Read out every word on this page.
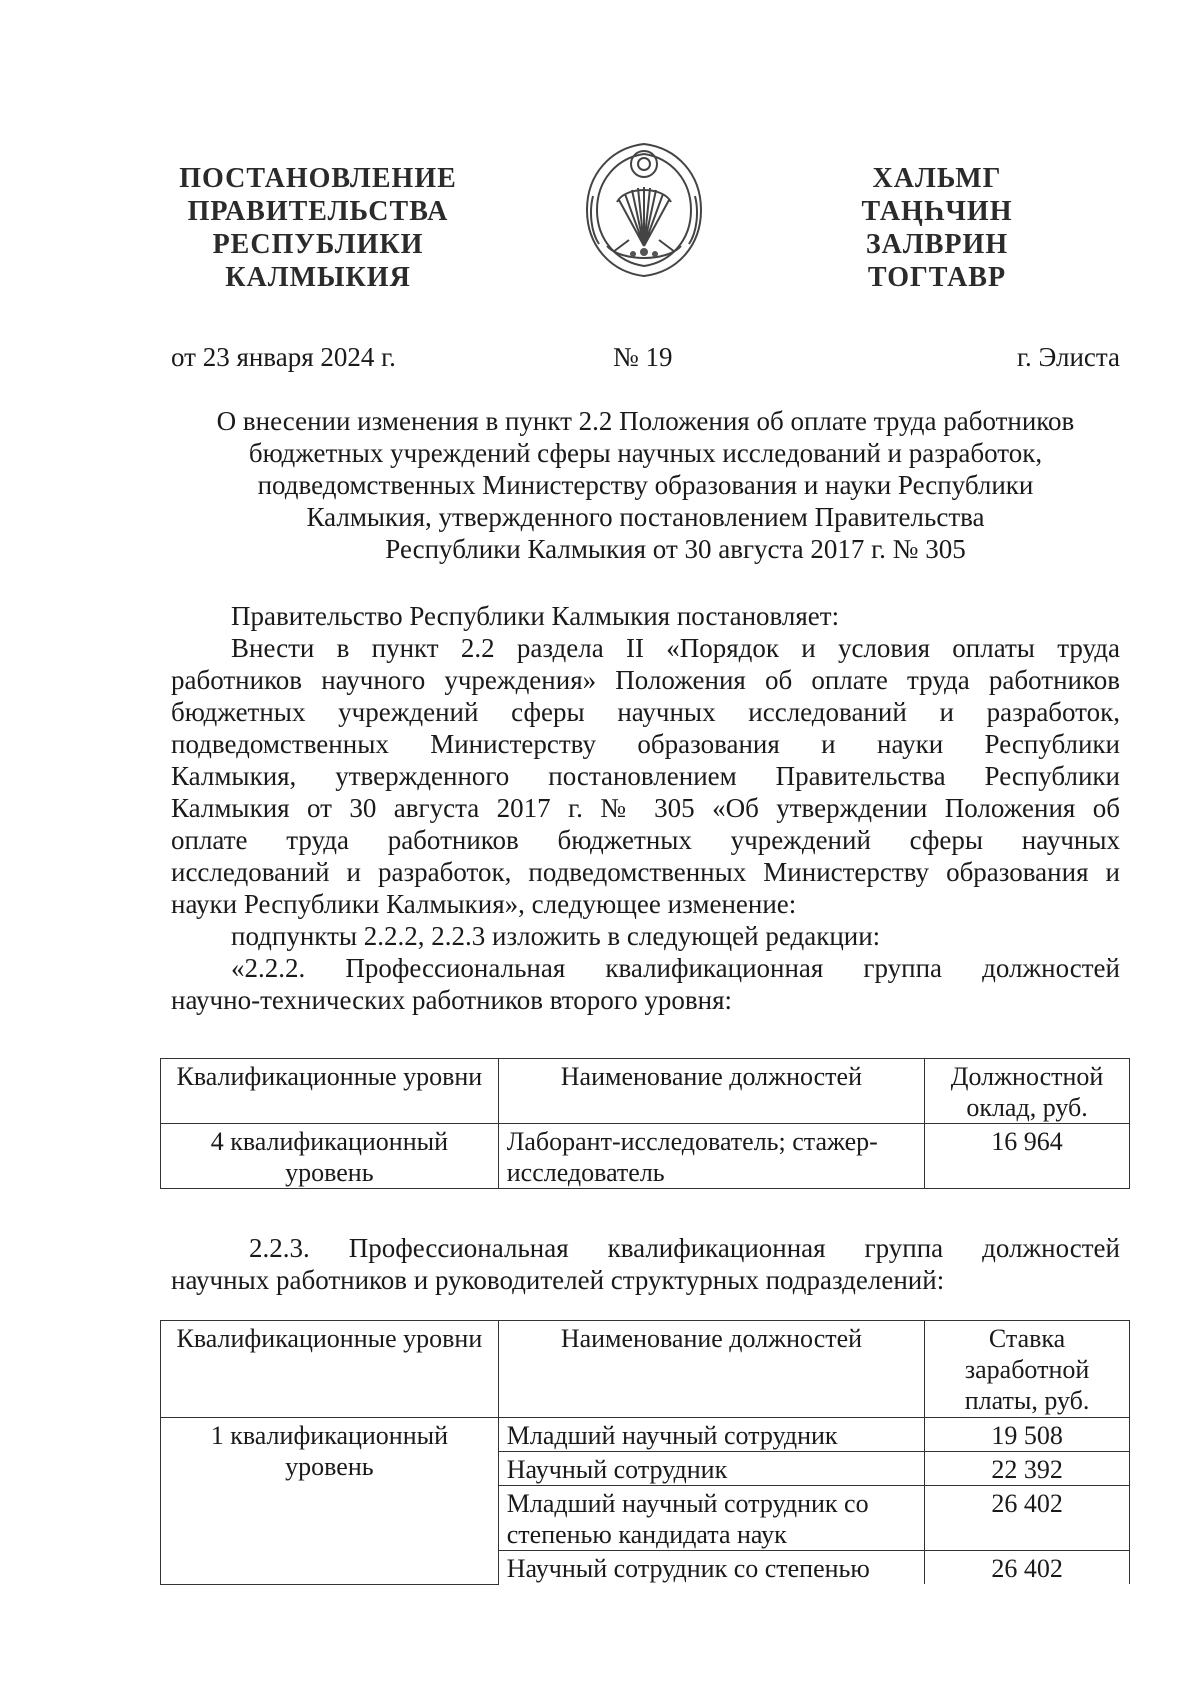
ПОСТАНОВЛЕНИЕ
ПРАВИТЕЛЬСТВА
РЕСПУБЛИКИ
КАЛМЫКИЯ
ХАЛЬМГ
ТАҢҺЧИН
ЗАЛВРИН
ТОГТАВР
от 23 января 2024 г.	№ 19	г. Элиста
О внесении изменения в пункт 2.2 Положения об оплате труда работников
бюджетных учреждений сферы научных исследований и разработок,
подведомственных Министерству образования и науки Республики
Калмыкия, утвержденного постановлением Правительства
Республики Калмыкия от 30 августа 2017 г. № 305
Правительство Республики Калмыкия постановляет:
Внести в пункт 2.2 раздела II «Порядок и условия оплаты труда
работников научного учреждения» Положения об оплате труда работников
бюджетных учреждений сферы научных исследований и разработок,
подведомственных Министерству образования и науки Республики
Калмыкия, утвержденного постановлением Правительства Республики
Калмыкия от 30 августа 2017 г. № 305 «Об утверждении Положения об
оплате труда работников бюджетных учреждений сферы научных
исследований и разработок, подведомственных Министерству образования и
науки Республики Калмыкия», следующее изменение:
подпункты 2.2.2, 2.2.3 изложить в следующей редакции:
«2.2.2. Профессиональная квалификационная группа должностей
научно-технических работников второго уровня:
Квалификационные уровни	Наименование должностей	Должностной оклад, руб.
4 квалификационный уровень	Лаборант-исследователь; стажер-исследователь	16 964
2.2.3. Профессиональная квалификационная группа должностей
научных работников и руководителей структурных подразделений:
Квалификационные уровни	Наименование должностей	Ставка заработной платы, руб.
1 квалификационный уровень	Младший научный сотрудник	19 508
	Научный сотрудник	22 392
	Младший научный сотрудник со степенью кандидата наук	26 402
	Научный сотрудник со степенью	26 402
